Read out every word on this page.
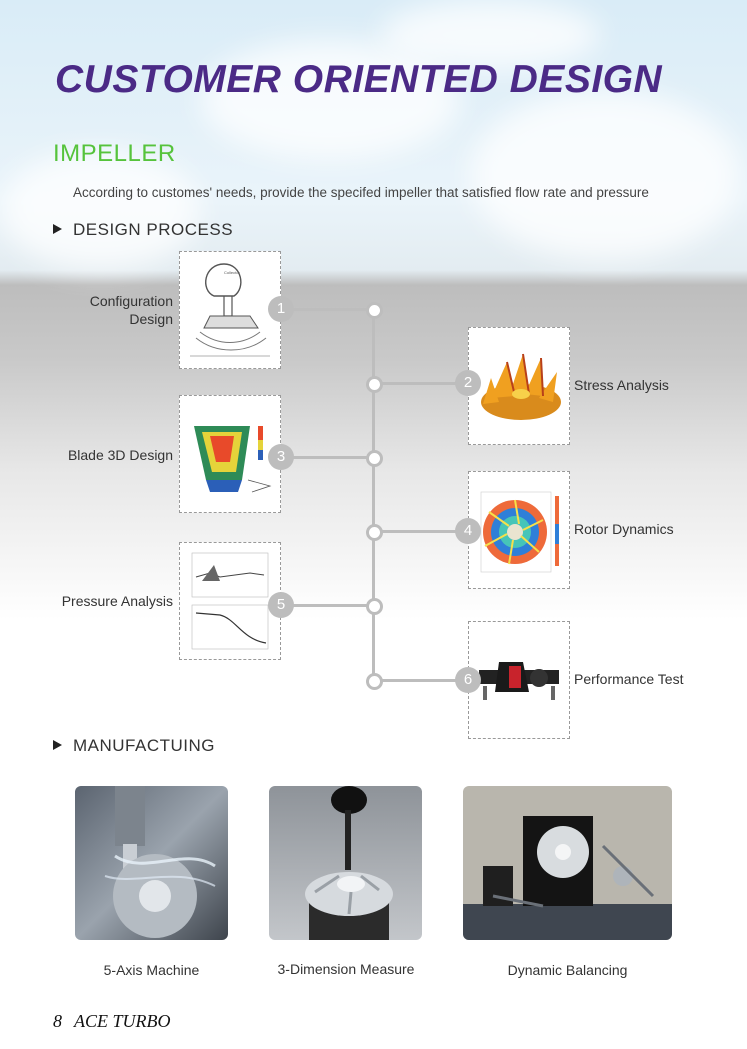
CUSTOMER ORIENTED DESIGN
IMPELLER
According to customes' needs, provide the specifed impeller that satisfied flow rate and pressure
DESIGN PROCESS
Configuration
Design
Collector
1
2	Stress Analysis
Blade 3D Design	3
4	Rotor Dynamics
Pressure Analysis	5
6	Performance Test
MANUFACTUING
5-Axis Machine	3-Dimension Measure	Dynamic Balancing
8 ACE TURBO
